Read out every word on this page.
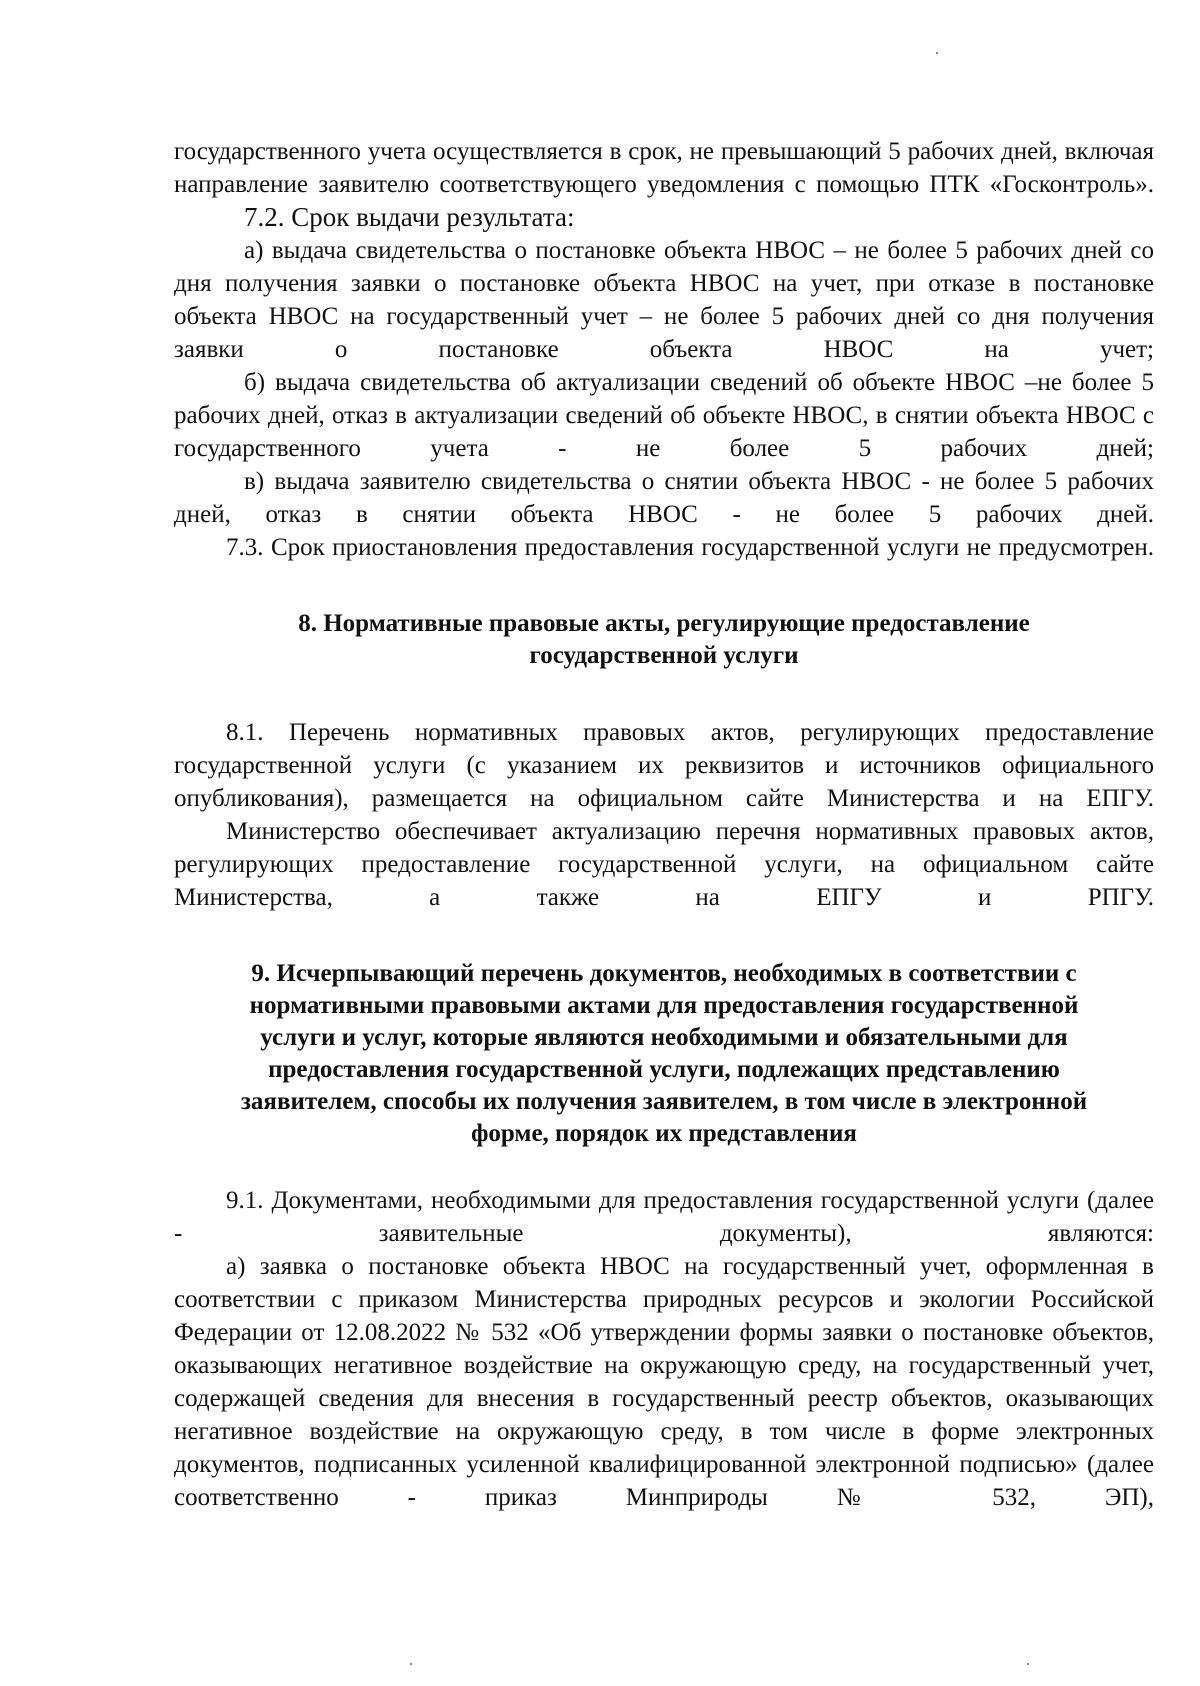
государственного учета осуществляется в срок, не превышающий 5 рабочих дней, включая направление заявителю соответствующего уведомления с помощью ПТК «Госконтроль».

7.2. Срок выдачи результата:

а) выдача свидетельства о постановке объекта НВОС – не более 5 рабочих дней со дня получения заявки о постановке объекта НВОС на учет, при отказе в постановке объекта НВОС на государственный учет – не более 5 рабочих дней со дня получения заявки о постановке объекта НВОС на учет;

б) выдача свидетельства об актуализации сведений об объекте НВОС –не более 5 рабочих дней, отказ в актуализации сведений об объекте НВОС, в снятии объекта НВОС с государственного учета - не более 5 рабочих дней;

в) выдача заявителю свидетельства о снятии объекта НВОС - не более 5 рабочих дней, отказ в снятии объекта НВОС - не более 5 рабочих дней.

7.3. Срок приостановления предоставления государственной услуги не предусмотрен.

8. Нормативные правовые акты, регулирующие предоставление

государственной услуги

8.1. Перечень нормативных правовых актов, регулирующих предоставление государственной услуги (с указанием их реквизитов и источников официального опубликования), размещается на официальном сайте Министерства и на ЕПГУ.

Министерство обеспечивает актуализацию перечня нормативных правовых актов, регулирующих предоставление государственной услуги, на официальном сайте Министерства, а также на ЕПГУ и РПГУ.

9. Исчерпывающий перечень документов, необходимых в соответствии с

нормативными правовыми актами для предоставления государственной

услуги и услуг, которые являются необходимыми и обязательными для

предоставления государственной услуги, подлежащих представлению

заявителем, способы их получения заявителем, в том числе в электронной

форме, порядок их представления

9.1. Документами, необходимыми для предоставления государственной услуги (далее - заявительные документы), являются:

а) заявка о постановке объекта НВОС на государственный учет, оформленная в соответствии с приказом Министерства природных ресурсов и экологии Российской Федерации от 12.08.2022 № 532 «Об утверждении формы заявки о постановке объектов, оказывающих негативное воздействие на окружающую среду, на государственный учет, содержащей сведения для внесения в государственный реестр объектов, оказывающих негативное воздействие на окружающую среду, в том числе в форме электронных документов, подписанных усиленной квалифицированной электронной подписью» (далее соответственно - приказ Минприроды № 532, ЭП),
